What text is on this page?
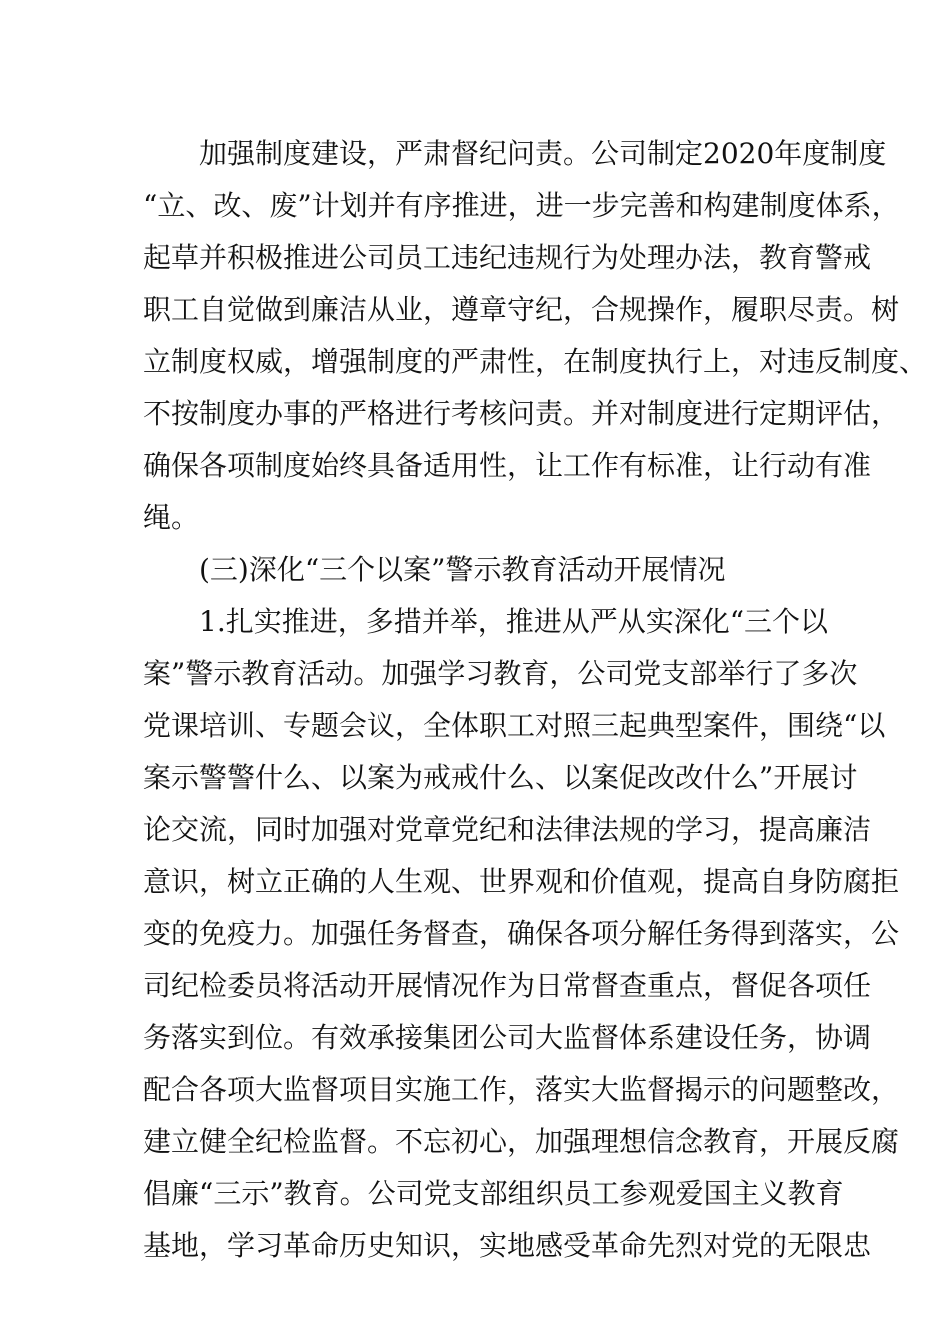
加强制度建设，严肃督纪问责。公司制定2020年度制度
“立、改、废”计划并有序推进，进一步完善和构建制度体系，
起草并积极推进公司员工违纪违规行为处理办法，教育警戒
职工自觉做到廉洁从业，遵章守纪，合规操作，履职尽责。树
立制度权威，增强制度的严肃性，在制度执行上，对违反制度、
不按制度办事的严格进行考核问责。并对制度进行定期评估，
确保各项制度始终具备适用性，让工作有标准，让行动有准
绳。
(三)深化“三个以案”警示教育活动开展情况
1.扎实推进，多措并举，推进从严从实深化“三个以
案”警示教育活动。加强学习教育，公司党支部举行了多次
党课培训、专题会议，全体职工对照三起典型案件，围绕“以
案示警警什么、以案为戒戒什么、以案促改改什么”开展讨
论交流，同时加强对党章党纪和法律法规的学习，提高廉洁
意识，树立正确的人生观、世界观和价值观，提高自身防腐拒
变的免疫力。加强任务督查，确保各项分解任务得到落实，公
司纪检委员将活动开展情况作为日常督查重点，督促各项任
务落实到位。有效承接集团公司大监督体系建设任务，协调
配合各项大监督项目实施工作，落实大监督揭示的问题整改，
建立健全纪检监督。不忘初心，加强理想信念教育，开展反腐
倡廉“三示”教育。公司党支部组织员工参观爱国主义教育
基地，学习革命历史知识，实地感受革命先烈对党的无限忠
